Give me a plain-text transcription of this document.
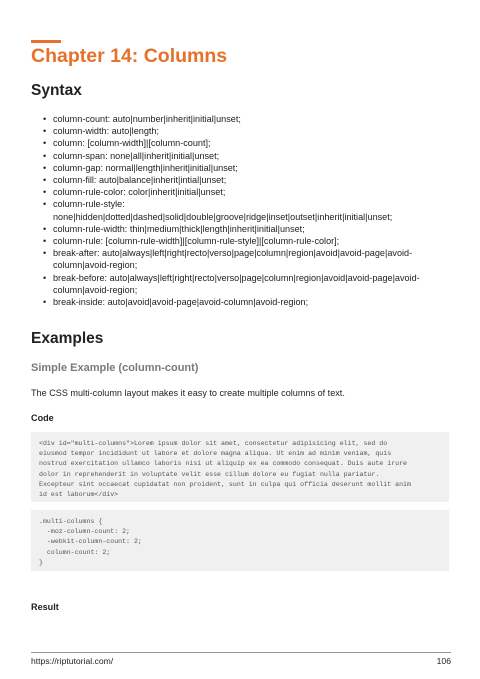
Chapter 14: Columns
Syntax
• column-count: auto|number|inherit|initial|unset;
• column-width: auto|length;
• column: [column-width]|[column-count];
• column-span: none|all|inherit|initial|unset;
• column-gap: normal|length|inherit|initial|unset;
• column-fill: auto|balance|inherit|intial|unset;
• column-rule-color: color|inherit|initial|unset;
• column-rule-style: none|hidden|dotted|dashed|solid|double|groove|ridge|inset|outset|inherit|initial|unset;
• column-rule-width: thin|medium|thick|length|inherit|initial|unset;
• column-rule: [column-rule-width]|[column-rule-style]|[column-rule-color];
• break-after: auto|always|left|right|recto|verso|page|column|region|avoid|avoid-page|avoid-column|avoid-region;
• break-before: auto|always|left|right|recto|verso|page|column|region|avoid|avoid-page|avoid-column|avoid-region;
• break-inside: auto|avoid|avoid-page|avoid-column|avoid-region;
Examples
Simple Example (column-count)

The CSS multi-column layout makes it easy to create multiple columns of text.

Code
<div id="multi-columns">Lorem ipsum dolor sit amet, consectetur adipisicing elit, sed do
eiusmod tempor incididunt ut labore et dolore magna aliqua. Ut enim ad minim veniam, quis
nostrud exercitation ullamco laboris nisi ut aliquip ex ea commodo consequat. Duis aute irure
dolor in reprehenderit in voluptate velit esse cillum dolore eu fugiat nulla pariatur.
Excepteur sint occaecat cupidatat non proident, sunt in culpa qui officia deserunt mollit anim
id est laborum</div>
.multi-columns {
-moz-column-count: 2;
-webkit-column-count: 2;
column-count: 2;
}
Result
https://riptutorial.com/	106
